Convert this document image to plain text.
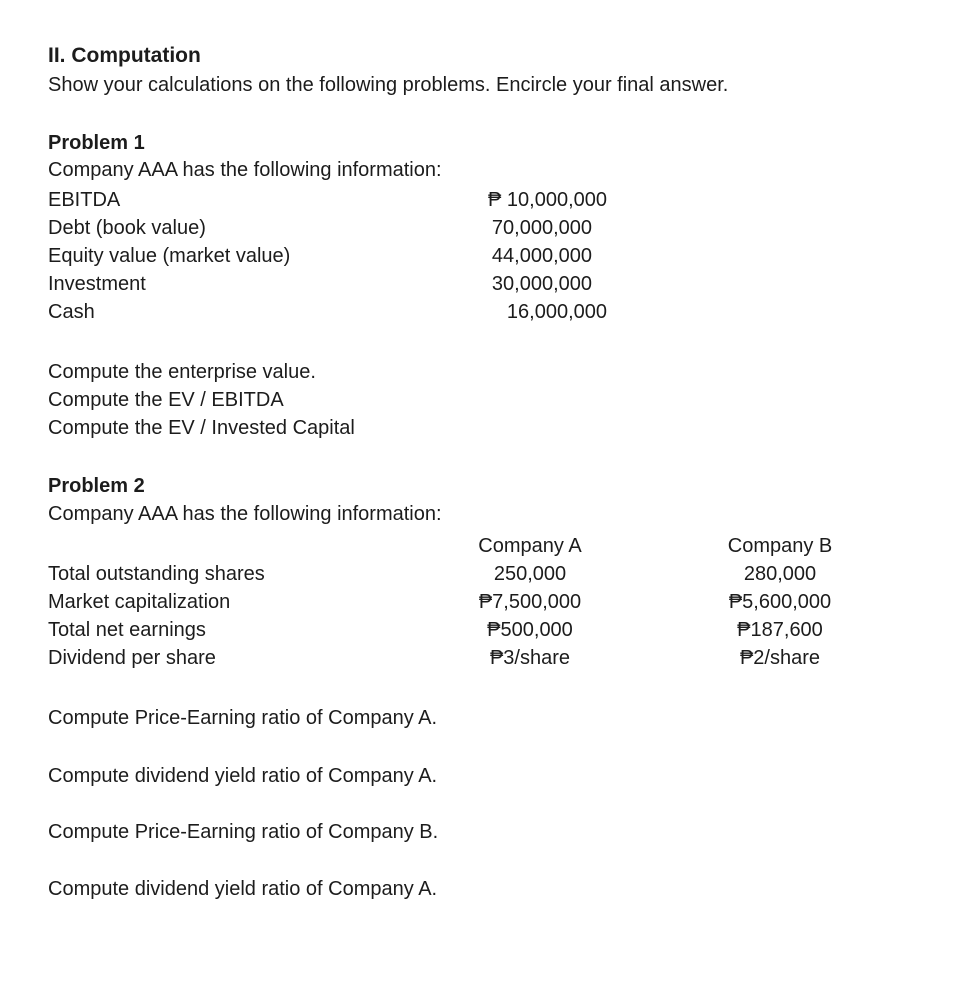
II. Computation
Show your calculations on the following problems. Encircle your final answer.
Problem 1
Company AAA has the following information:
EBITDA
Debt (book value)
Equity value (market value)
Investment
Cash
₱ 10,000,000
70,000,000
44,000,000
30,000,000
16,000,000
Compute the enterprise value.
Compute the EV / EBITDA
Compute the EV / Invested Capital
Problem 2
Company AAA has the following information:
Company A	Company B
Total outstanding shares
Market capitalization
Total net earnings
Dividend per share
250,000
₱7,500,000
₱500,000
₱3/share
280,000
₱5,600,000
₱187,600
₱2/share
Compute Price-Earning ratio of Company A.
Compute dividend yield ratio of Company A.
Compute Price-Earning ratio of Company B.
Compute dividend yield ratio of Company A.
